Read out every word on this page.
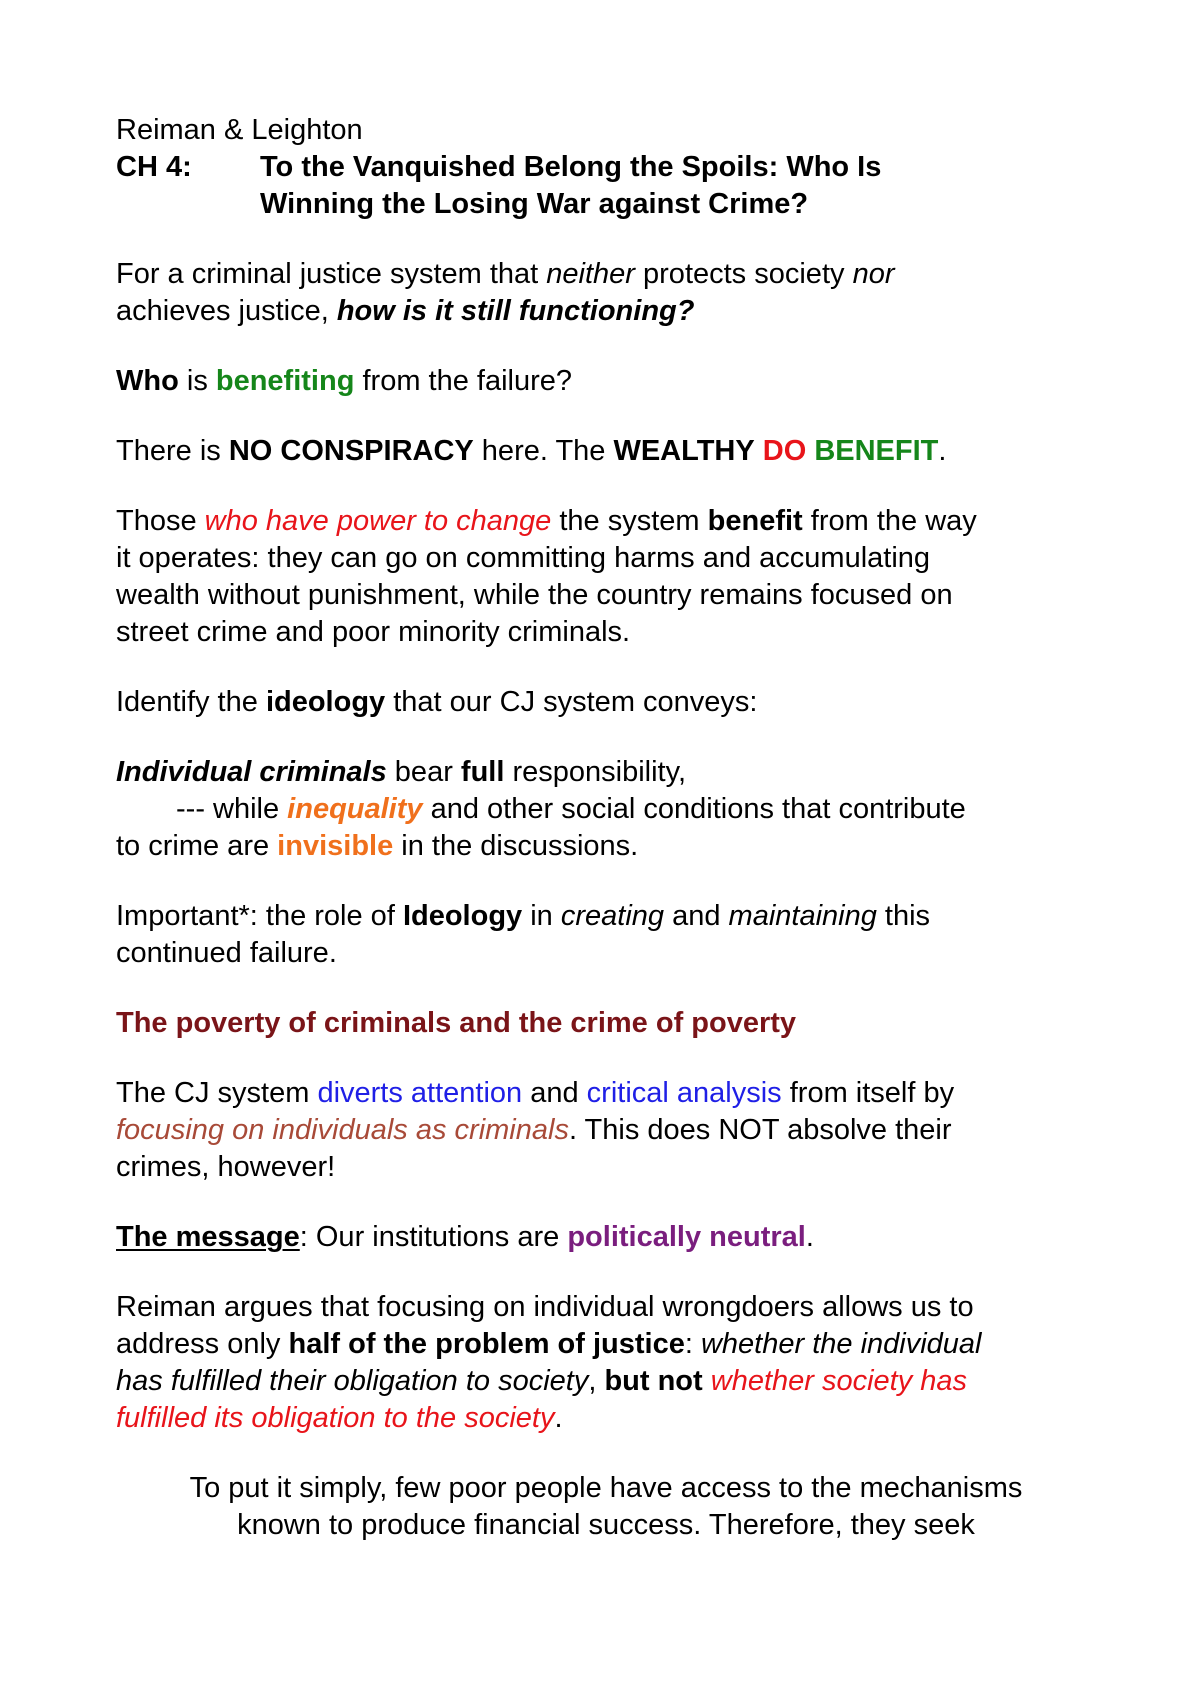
Reiman & Leighton

CH 4:	To the Vanquished Belong the Spoils: Who Is
Winning the Losing War against Crime?

For a criminal justice system that neither protects society nor
achieves justice, how is it still functioning?

Who is benefiting from the failure?

There is NO CONSPIRACY here. The WEALTHY DO BENEFIT.

Those who have power to change the system benefit from the way
it operates: they can go on committing harms and accumulating
wealth without punishment, while the country remains focused on
street crime and poor minority criminals.

Identify the ideology that our CJ system conveys:

Individual criminals bear full responsibility,
--- while inequality and other social conditions that contribute
to crime are invisible in the discussions.

Important*: the role of Ideology in creating and maintaining this
continued failure.

The poverty of criminals and the crime of poverty

The CJ system diverts attention and critical analysis from itself by
focusing on individuals as criminals. This does NOT absolve their
crimes, however!

The message: Our institutions are politically neutral.

Reiman argues that focusing on individual wrongdoers allows us to
address only half of the problem of justice: whether the individual
has fulfilled their obligation to society, but not whether society has
fulfilled its obligation to the society.

To put it simply, few poor people have access to the mechanisms
known to produce financial success. Therefore, they seek
